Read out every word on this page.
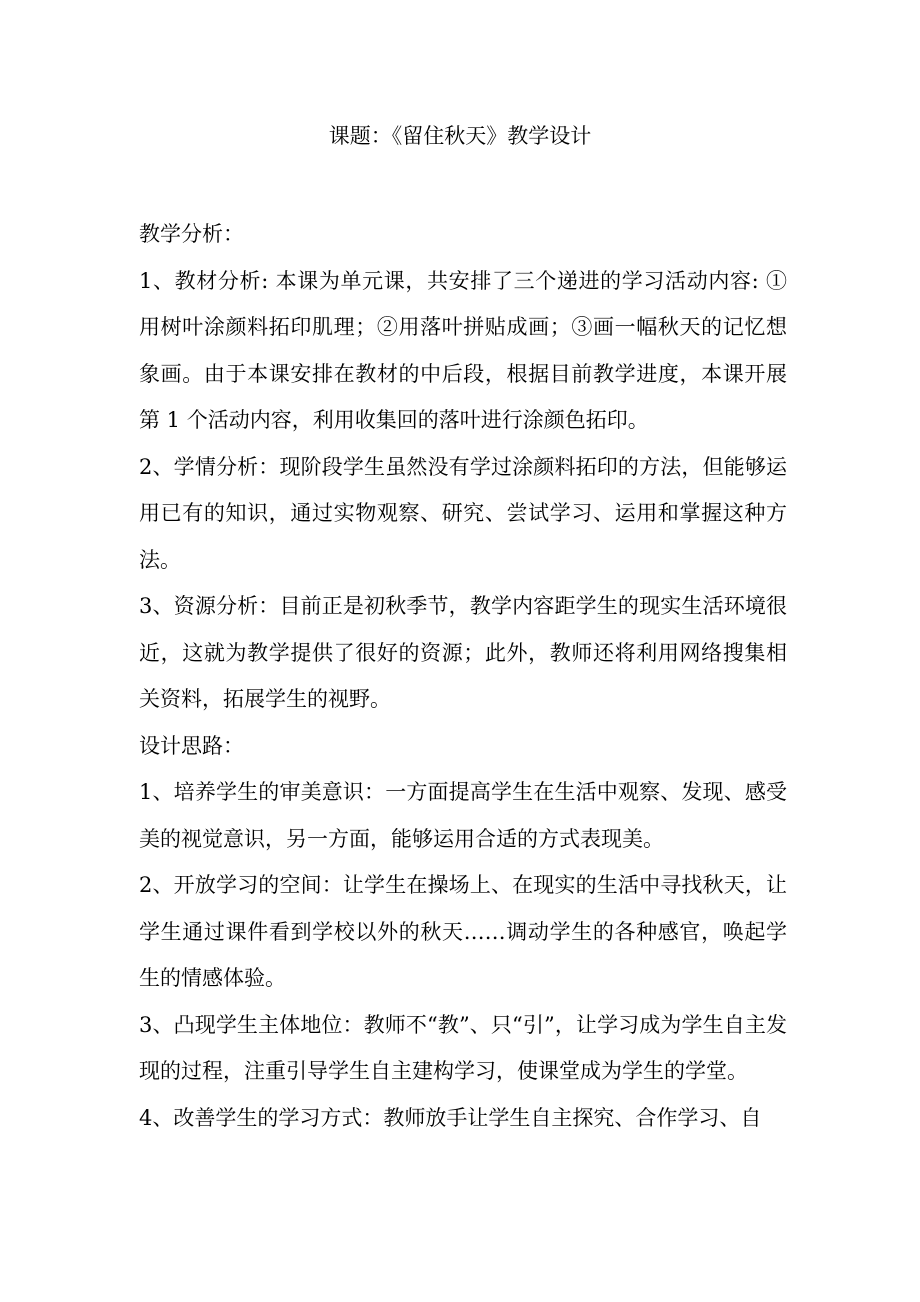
课题：《留住秋天》教学设计

教学分析：

1、教材分析: 本课为单元课，共安排了三个递进的学习活动内容: ①用树叶涂颜料拓印肌理；②用落叶拼贴成画；③画一幅秋天的记忆想象画。由于本课安排在教材的中后段，根据目前教学进度，本课开展第 1 个活动内容，利用收集回的落叶进行涂颜色拓印。

2、学情分析：现阶段学生虽然没有学过涂颜料拓印的方法，但能够运用已有的知识，通过实物观察、研究、尝试学习、运用和掌握这种方法。

3、资源分析：目前正是初秋季节，教学内容距学生的现实生活环境很近，这就为教学提供了很好的资源；此外，教师还将利用网络搜集相关资料，拓展学生的视野。

设计思路：

1、培养学生的审美意识：一方面提高学生在生活中观察、发现、感受美的视觉意识，另一方面，能够运用合适的方式表现美。

2、开放学习的空间：让学生在操场上、在现实的生活中寻找秋天，让学生通过课件看到学校以外的秋天……调动学生的各种感官，唤起学生的情感体验。

3、凸现学生主体地位：教师不“教”、只“引”，让学习成为学生自主发现的过程，注重引导学生自主建构学习，使课堂成为学生的学堂。

4、改善学生的学习方式：教师放手让学生自主探究、合作学习、自
